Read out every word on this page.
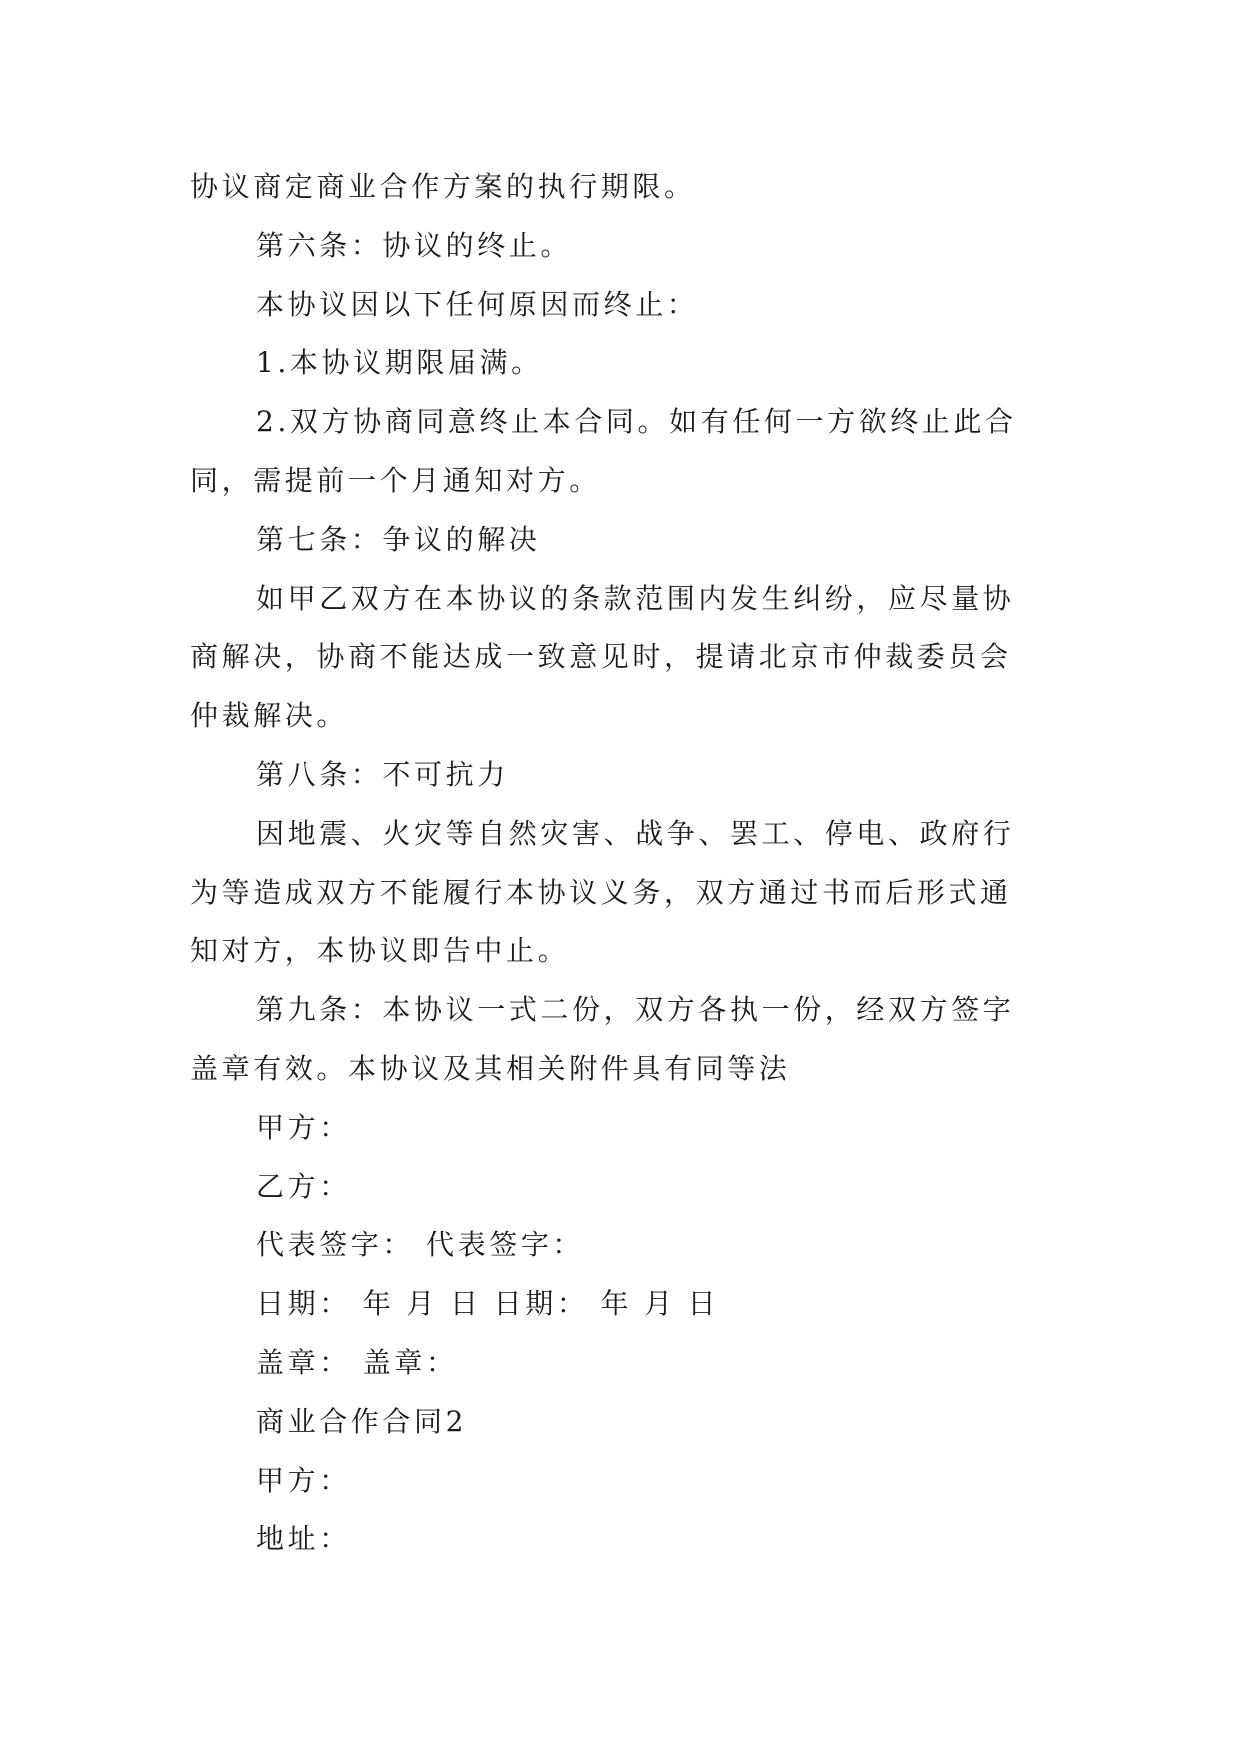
协议商定商业合作方案的执行期限。
第六条：协议的终止。
本协议因以下任何原因而终止：
1.本协议期限届满。
2.双方协商同意终止本合同。如有任何一方欲终止此合
同，需提前一个月通知对方。
第七条：争议的解决
如甲乙双方在本协议的条款范围内发生纠纷，应尽量协
商解决，协商不能达成一致意见时，提请北京市仲裁委员会
仲裁解决。
第八条：不可抗力
因地震、火灾等自然灾害、战争、罢工、停电、政府行
为等造成双方不能履行本协议义务，双方通过书而后形式通
知对方，本协议即告中止。
第九条：本协议一式二份，双方各执一份，经双方签字
盖章有效。本协议及其相关附件具有同等法
甲方：
乙方：
代表签字： 代表签字：
日期： 年 月 日 日期： 年 月 日
盖章： 盖章：
商业合作合同2
甲方：
地址：
